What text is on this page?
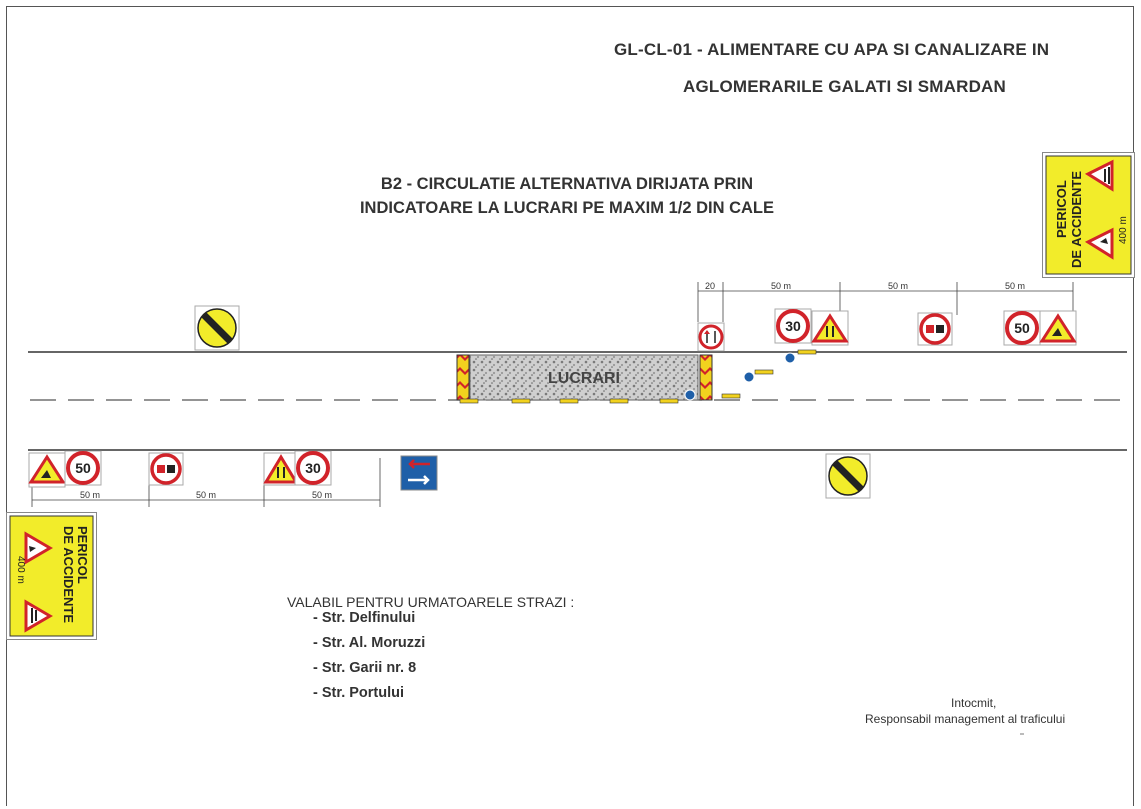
GL-CL-01 - ALIMENTARE CU APA SI CANALIZARE IN
AGLOMERARILE GALATI SI SMARDAN
B2 - CIRCULATIE ALTERNATIVA DIRIJATA PRIN
INDICATOARE LA LUCRARI PE MAXIM 1/2 DIN CALE	PERICOL DE ACCIDENTE	400 m
PERICOL
DE ACCIDENTE
400 m
LUCRARI
20	50 m	50 m	50 m
50 m	50 m	50 m
30	50
50	30
VALABIL PENTRU URMATOARELE STRAZI :
- Str. Delfinului
- Str. Al. Moruzzi
- Str. Garii nr. 8
- Str. Portului
Intocmit,
Responsabil management al traficului
